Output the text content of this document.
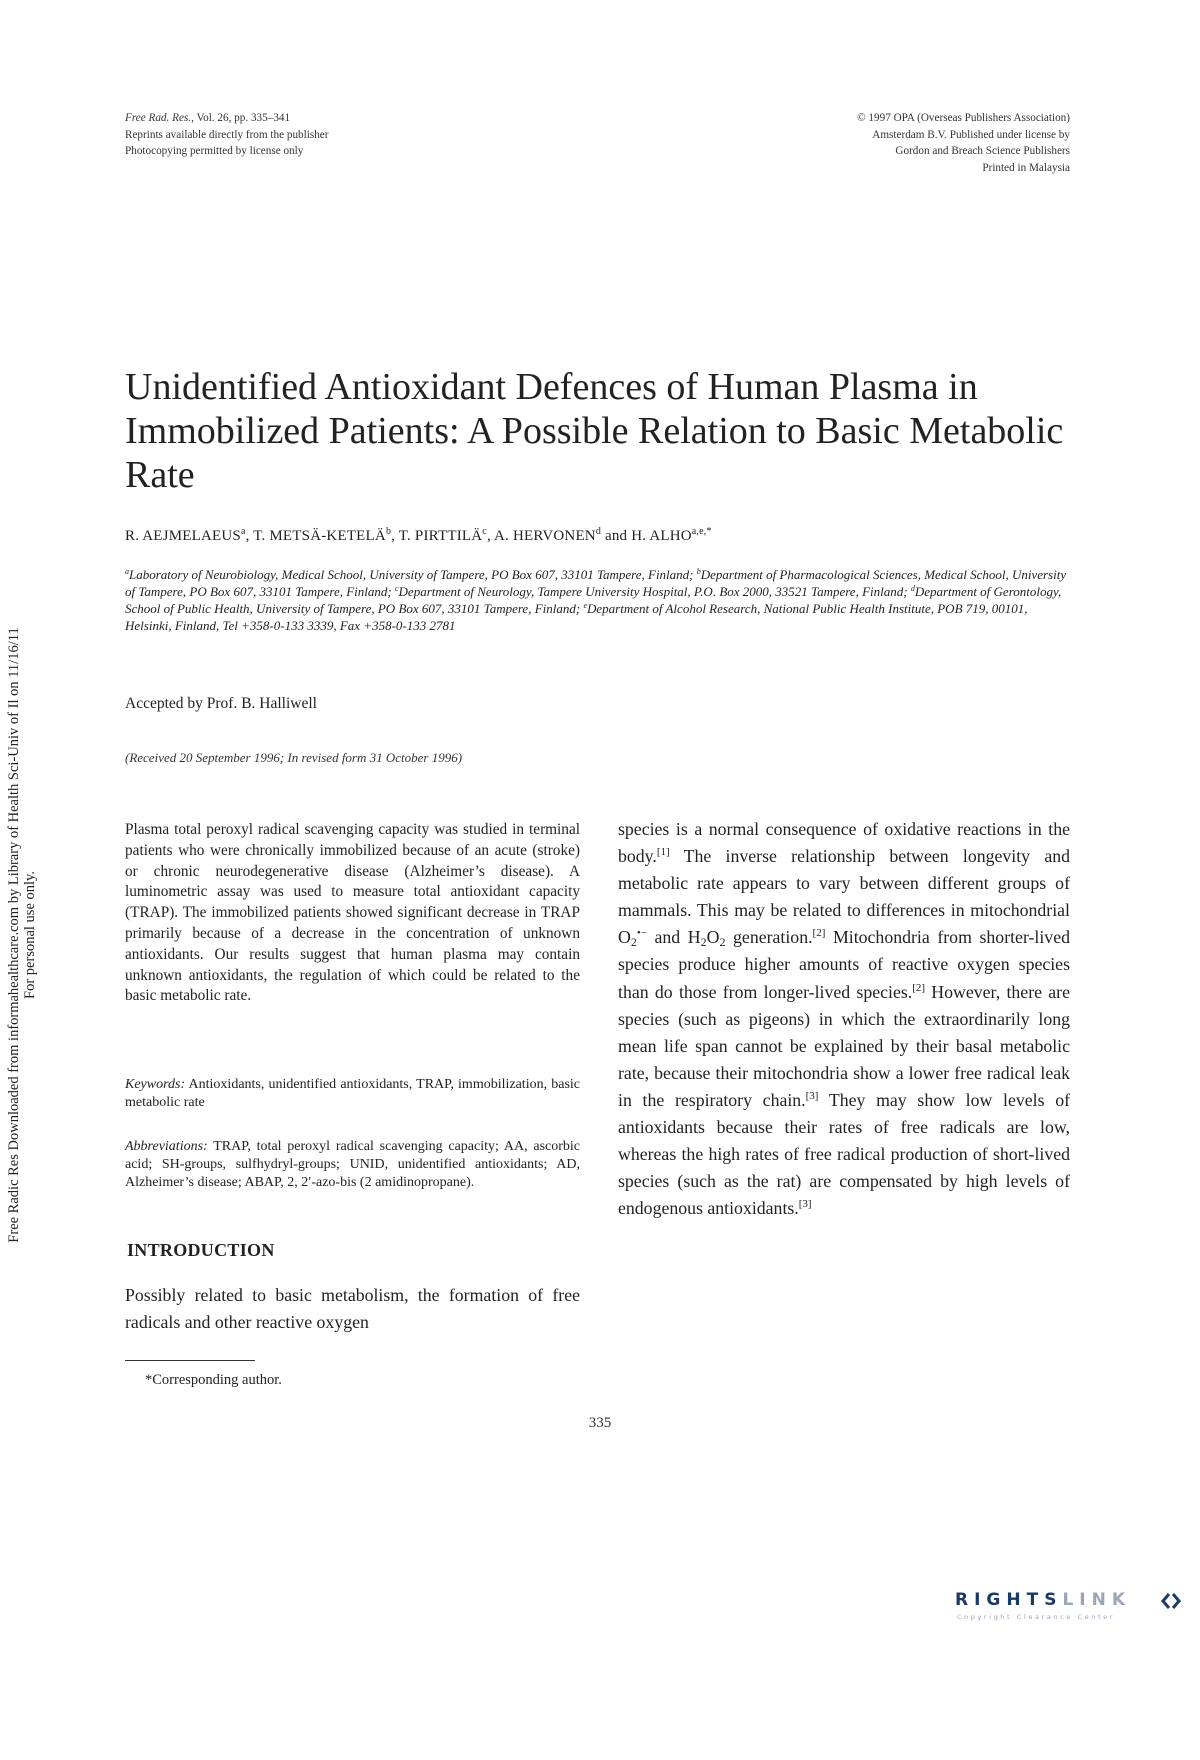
Free Rad. Res., Vol. 26, pp. 335–341
Reprints available directly from the publisher
Photocopying permitted by license only
© 1997 OPA (Overseas Publishers Association)
Amsterdam B.V. Published under license by
Gordon and Breach Science Publishers
Printed in Malaysia
Free Radic Res Downloaded from informahealthcare.com by Library of Health Sci-Univ of Il on 11/16/11 For personal use only.
Unidentified Antioxidant Defences of Human Plasma in Immobilized Patients: A Possible Relation to Basic Metabolic Rate
R. AEJMELAEUS$^a$, T. METSÄ-KETELÄ$^b$, T. PIRTTILÄ$^c$, A. HERVONEN$^d$ and H. $ALHO^{a,e,*}$
$^a$Laboratory of Neurobiology, Medical School, University of Tampere, PO Box 607, 33101 Tampere, Finland; $^b$Department of Pharmacological Sciences, Medical School, University of Tampere, PO Box 607, 33101 Tampere, Finland; $^c$Department of Neurology, Tampere University Hospital, P.O. Box 2000, 33521 Tampere, Finland; $^d$Department of Gerontology, School of Public Health, University of Tampere, PO Box 607, 33101 Tampere, Finland; $^e$Department of Alcohol Research, National Public Health Institute, POB 719, 00101, Helsinki, Finland, Tel +358-0-133 3339, Fax +358-0-133 2781
Accepted by Prof. B. Halliwell
(Received 20 September 1996; In revised form 31 October 1996)
Plasma total peroxyl radical scavenging capacity was studied in terminal patients who were chronically immobilized because of an acute (stroke) or chronic neurodegenerative disease (Alzheimer’s disease). A luminometric assay was used to measure total antioxidant capacity (TRAP). The immobilized patients showed significant decrease in TRAP primarily because of a decrease in the concentration of unknown antioxidants. Our results suggest that human plasma may contain unknown antioxidants, the regulation of which could be related to the basic metabolic rate.
Keywords: Antioxidants, unidentified antioxidants, TRAP, immobilization, basic metabolic rate
Abbreviations: TRAP, total peroxyl radical scavenging capacity; AA, ascorbic acid; SH-groups, sulfhydryl-groups; UNID, unidentified antioxidants; AD, Alzheimer’s disease; ABAP, 2, 2′-azo-bis (2 amidinopropane).
INTRODUCTION
Possibly related to basic metabolism, the formation of free radicals and other reactive oxygen
species is a normal consequence of oxidative reactions in the body.[1] The inverse relationship between longevity and metabolic rate appears to vary between different groups of mammals. This may be related to differences in mitochondrial $O_2^{•-}$ and $H_2O_2$ generation.[2] Mitochondria from shorter-lived species produce higher amounts of reactive oxygen species than do those from longer-lived species.[2] However, there are species (such as pigeons) in which the extraordinarily long mean life span cannot be explained by their basal metabolic rate, because their mitochondria show a lower free radical leak in the respiratory chain.[3] They may show low levels of antioxidants because their rates of free radicals are low, whereas the high rates of free radical production of short-lived species (such as the rat) are compensated by high levels of endogenous antioxidants.[3]
*Corresponding author.
335
RIGHTSLINK
Copyright Clearance Center
